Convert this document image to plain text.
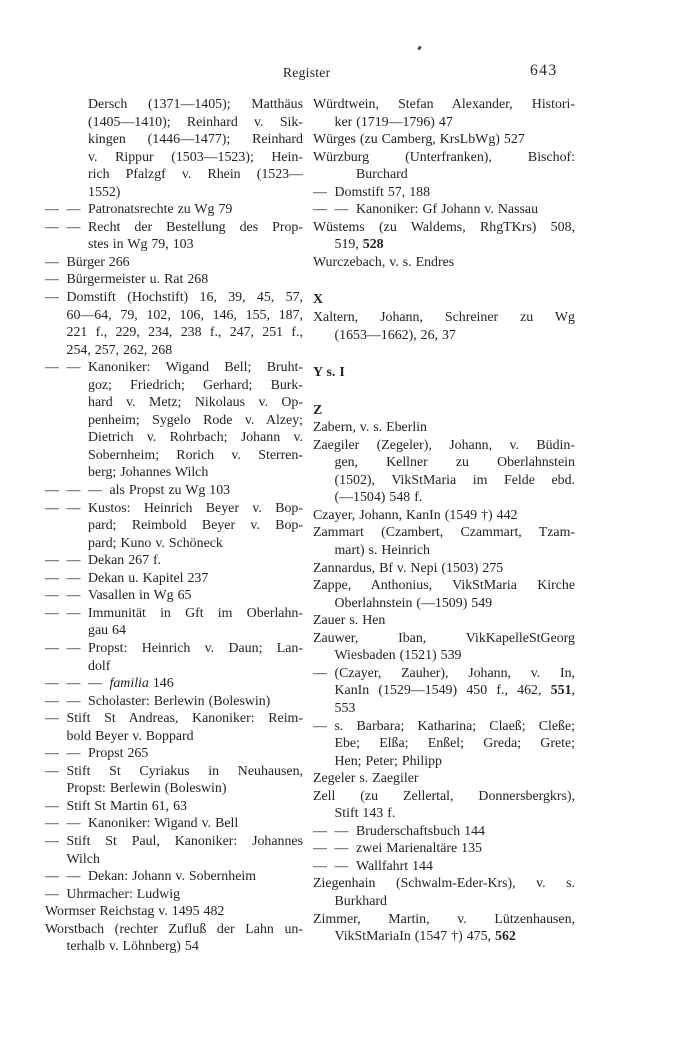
Register	643
Dersch (1371—1405); Matthäus
(1405—1410); Reinhard v. Sik-
kingen (1446—1477); Reinhard
v. Rippur (1503—1523); Hein-
rich Pfalzgf v. Rhein (1523—
1552)
— — Patronatsrechte zu Wg 79
— — Recht der Bestellung des Prop-
stes in Wg 79, 103
— Bürger 266
— Bürgermeister u. Rat 268
— Domstift (Hochstift) 16, 39, 45, 57,
60—64, 79, 102, 106, 146, 155, 187,
221 f., 229, 234, 238 f., 247, 251 f.,
254, 257, 262, 268
— — Kanoniker: Wigand Bell; Bruht-
goz; Friedrich; Gerhard; Burk-
hard v. Metz; Nikolaus v. Op-
penheim; Sygelo Rode v. Alzey;
Dietrich v. Rohrbach; Johann v.
Sobernheim; Rorich v. Sterren-
berg; Johannes Wilch
— — — als Propst zu Wg 103
— — Kustos: Heinrich Beyer v. Bop-
pard; Reimbold Beyer v. Bop-
pard; Kuno v. Schöneck
— — Dekan 267 f.
— — Dekan u. Kapitel 237
— — Vasallen in Wg 65
— — Immunität in Gft im Oberlahn-
gau 64
— — Propst: Heinrich v. Daun; Lan-
dolf
— — — familia 146
— — Scholaster: Berlewin (Boleswin)
— Stift St Andreas, Kanoniker: Reim-
bold Beyer v. Boppard
— — Propst 265
— Stift St Cyriakus in Neuhausen,
Propst: Berlewin (Boleswin)
— Stift St Martin 61, 63
— — Kanoniker: Wigand v. Bell
— Stift St Paul, Kanoniker: Johannes
Wilch
— — Dekan: Johann v. Sobernheim
— Uhrmacher: Ludwig
Wormser Reichstag v. 1495 482
Worstbach (rechter Zufluß der Lahn un-
terhalb v. Löhnberg) 54
Würdtwein, Stefan Alexander, Histori-
ker (1719—1796) 47
Würges (zu Camberg, KrsLbWg) 527
Würzburg (Unterfranken), Bischof:
Burchard
— Domstift 57, 188
— — Kanoniker: Gf Johann v. Nassau
Wüstems (zu Waldems, RhgTKrs) 508,
519, 528
Wurczebach, v. s. Endres
X
Xaltern, Johann, Schreiner zu Wg
(1653—1662), 26, 37
Y s. I
Z
Zabern, v. s. Eberlin
Zaegiler (Zegeler), Johann, v. Büdin-
gen, Kellner zu Oberlahnstein
(1502), VikStMaria im Felde ebd.
(—1504) 548 f.
Czayer, Johann, KanIn (1549 †) 442
Zammart (Czambert, Czammart, Tzam-
mart) s. Heinrich
Zannardus, Bf v. Nepi (1503) 275
Zappe, Anthonius, VikStMaria Kirche
Oberlahnstein (—1509) 549
Zauer s. Hen
Zauwer, Iban, VikKapelleStGeorg
Wiesbaden (1521) 539
— (Czayer, Zauher), Johann, v. In,
KanIn (1529—1549) 450 f., 462, 551,
553
— s. Barbara; Katharina; Claeß; Cleße;
Ebe; Elßa; Enßel; Greda; Grete;
Hen; Peter; Philipp
Zegeler s. Zaegiler
Zell (zu Zellertal, Donnersbergkrs),
Stift 143 f.
— — Bruderschaftsbuch 144
— — zwei Marienaltäre 135
— — Wallfahrt 144
Ziegenhain (Schwalm-Eder-Krs), v. s.
Burkhard
Zimmer, Martin, v. Lützenhausen,
VikStMariaIn (1547 †) 475, 562
